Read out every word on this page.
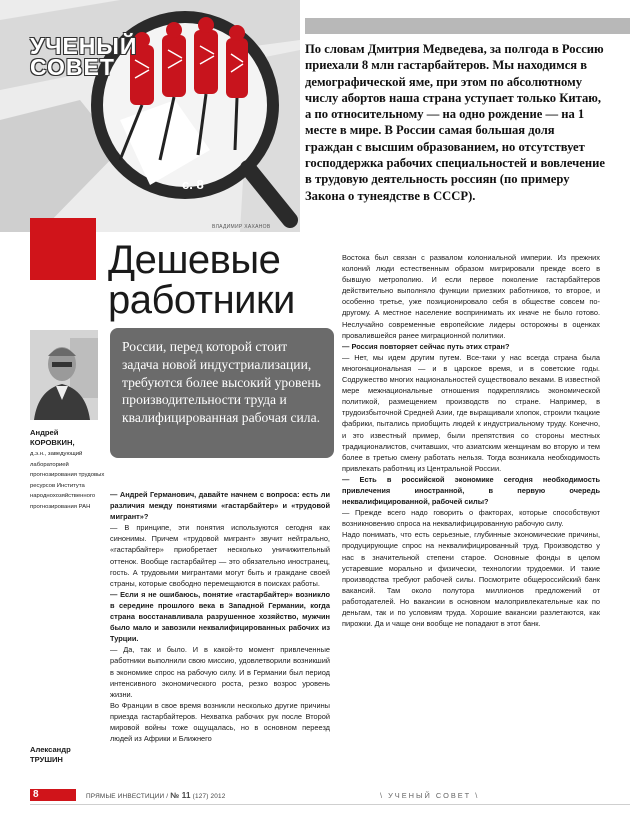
УЧЕНЫЙ
СОВЕТ
с. 8
ВЛАДИМИР ХАХАНОВ
По словам Дмитрия Медведева, за полгода в Россию приехали 8 млн гастарбайтеров. Мы находимся в демографической яме, при этом по абсолютному числу абортов наша страна уступает только Китаю, а по относительному — на одно рождение — на 1 месте в мире. В России самая большая доля граждан с высшим образованием, но отсутствует господдержка рабочих специальностей и вовлечение в трудовую деятельность россиян (по примеру Закона о тунеядстве в СССР).
Дешевые
работники
Андрей
КОРОВКИН,
д.э.н., заведующий лабораторией прогнозирования трудовых ресурсов Института народнохозяйственного прогнозирования РАН
России, перед которой стоит задача новой индустриализации, требуются более высокий уровень производительности труда и квалифицированная рабочая сила.

— Андрей Германович, давайте начнем с вопроса: есть ли различия между понятиями «гастарбайтер» и «трудовой мигрант»?

— В принципе, эти понятия используются сегодня как синонимы. Причем «трудовой мигрант» звучит нейтрально, «гастарбайтер» приобретает несколько уничижительный оттенок. Вообще гастарбайтер — это обязательно иностранец, гость. А трудовыми мигрантами могут быть и граждане своей страны, которые свободно перемещаются в поисках работы.

— Если я не ошибаюсь, понятие «гастарбайтер» возникло в середине прошлого века в Западной Германии, когда страна восстанавливала разрушенное хозяйство, мужчин было мало и завозили неквалифицированных рабочих из Турции.

— Да, так и было. И в какой-то момент привлеченные работники выполнили свою миссию, удовлетворили возникший в экономике спрос на рабочую силу. И в Германии был период интенсивного экономического роста, резко возрос уровень жизни.

Во Франции в свое время возникли несколько другие причины приезда гастарбайтеров. Нехватка рабочих рук после Второй мировой войны тоже ощущалась, но в основном переезд людей из Африки и Ближнего

Востока был связан с развалом колониальной империи. Из прежних колоний люди естественным образом мигрировали прежде всего в бывшую метрополию. И если первое поколение гастарбайтеров действительно выполняло функции приезжих работников, то второе, и особенно третье, уже позиционировало себя в обществе совсем по-другому. А местное население воспринимать их иначе не было готово. Неслучайно современные европейские лидеры осторожны в оценках провалившейся ранее миграционной политики.

— Россия повторяет сейчас путь этих стран?

— Нет, мы идем другим путем. Все-таки у нас всегда страна была многонациональная — и в царское время, и в советские годы. Содружество многих национальностей существовало веками. В известной мере межнациональные отношения подкреплялись экономической политикой, размещением производств по стране. Например, в трудоизбыточной Средней Азии, где выращивали хлопок, строили ткацкие фабрики, пытались приобщить людей к индустриальному труду. Конечно, и это известный пример, были препятствия со стороны местных традиционалистов, считавших, что азиатским женщинам во вторую и тем более в третью смену работать нельзя. Тогда возникала необходимость привлекать работниц из Центральной России.

— Есть в российской экономике сегодня необходимость привлечения иностранной, в первую очередь неквалифицированной, рабочей силы?

— Прежде всего надо говорить о факторах, которые способствуют возникновению спроса на неквалифицированную рабочую силу.

Надо понимать, что есть серьезные, глубинные экономические причины, продуцирующие спрос на неквалифицированный труд. Производство у нас в значительной степени старое. Основные фонды в целом устаревшие морально и физически, технологии трудоемки. И такие производства требуют рабочей силы. Посмотрите общероссийский банк вакансий. Там около полутора миллионов предложений от работодателей. Но вакансии в основном малопривлекательные как по деньгам, так и по условиям труда. Хорошие вакансии разлетаются, как пирожки. Да и чаще они вообще не попадают в этот банк.

Александр
ТРУШИН
8	ПРЯМЫЕ ИНВЕСТИЦИИ / № 11 (127) 2012	\ УЧЕНЫЙ СОВЕТ \
